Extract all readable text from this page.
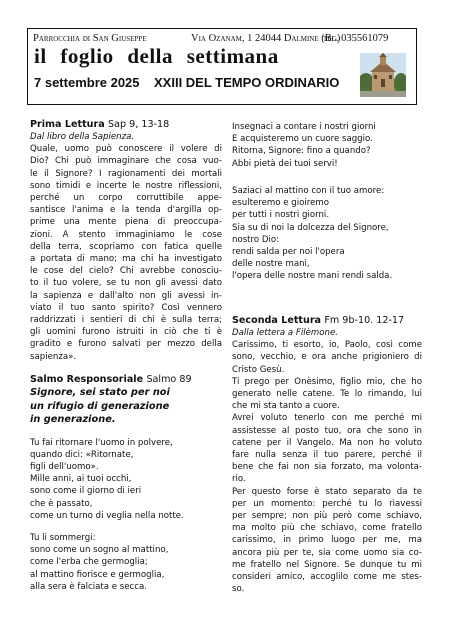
Parrocchia di San Giuseppe	Via Ozanam, 1 24044 Dalmine (Bg)
tel. 035561079
il foglio della settimana
7 settembre 2025 XXIII DEL TEMPO ORDINARIO
Prima Lettura Sap 9, 13-18

Dal libro della Sapienza.

Quale, uomo può conoscere il volere di

Dio? Chi può immaginare che cosa vuo-

le il Signore? I ragionamenti dei mortali

sono timidi e incerte le nostre riflessioni,

perché un corpo corruttibile appe-

santisce l'anima e la tenda d'argilla op-

prime una mente piena di preoccupa-

zioni. A stento immaginiamo le cose

della terra, scopriamo con fatica quelle

a portata di mano; ma chi ha investigato

le cose del cielo? Chi avrebbe conosciu-

to il tuo volere, se tu non gli avessi dato

la sapienza e dall'alto non gli avessi in-

viato il tuo santo spirito? Così vennero

raddrizzati i sentieri di chi è sulla terra;

gli uomini furono istruiti in ciò che ti è

gradito e furono salvati per mezzo della

sapienza».

Salmo Responsoriale Salmo 89

Signore, sei stato per noi

un rifugio di generazione

in generazione.

Tu fai ritornare l'uomo in polvere,

quando dici: «Ritornate,

figli dell'uomo».

Mille anni, ai tuoi occhi,

sono come il giorno di ieri

che è passato,

come un turno di veglia nella notte.

Tu li sommergi:

sono come un sogno al mattino,

come l'erba che germoglia;

al mattino fiorisce e germoglia,

alla sera è falciata e secca.

Insegnaci a contare i nostri giorni

E acquisteremo un cuore saggio.

Ritorna, Signore: fino a quando?

Abbi pietà dei tuoi servi!

Saziaci al mattino con il tuo amore:

esulteremo e gioiremo

per tutti i nostri giorni.

Sia su di noi la dolcezza del Signore,

nostro Dio:

rendi salda per noi l'opera

delle nostre mani,

l'opera delle nostre mani rendi salda.

Seconda Lettura Fm 9b-10. 12-17

Dalla lettera a Filèmone.

Carissimo, ti esorto, io, Paolo, così come

sono, vecchio, e ora anche prigioniero di

Cristo Gesù.

Ti prego per Onèsimo, figlio mio, che ho

generato nelle catene. Te lo rimando, lui

che mi sta tanto a cuore.

Avrei voluto tenerlo con me perché mi

assistesse al posto tuo, ora che sono in

catene per il Vangelo. Ma non ho voluto

fare nulla senza il tuo parere, perché il

bene che fai non sia forzato, ma volonta-

rio.

Per questo forse è stato separato da te

per un momento: perché tu lo riavessi

per sempre; non più però come schiavo,

ma molto più che schiavo, come fratello

carissimo, in primo luogo per me, ma

ancora più per te, sia come uomo sia co-

me fratello nel Signore. Se dunque tu mi

consideri amico, accoglilo come me stes-

so.
